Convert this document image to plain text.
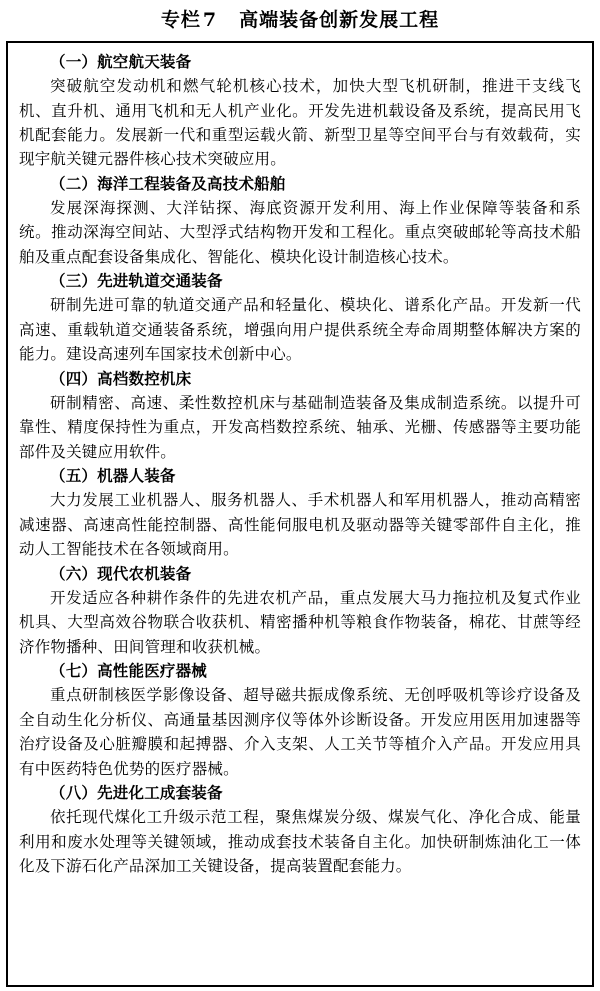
专栏 7 高端装备创新发展工程

（一）航空航天装备

突破航空发动机和燃气轮机核心技术，加快大型飞机研制，推进干支线飞机、直升机、通用飞机和无人机产业化。开发先进机载设备及系统，提高民用飞机配套能力。发展新一代和重型运载火箭、新型卫星等空间平台与有效载荷，实现宇航关键元器件核心技术突破应用。

（二）海洋工程装备及高技术船舶

发展深海探测、大洋钻探、海底资源开发利用、海上作业保障等装备和系统。推动深海空间站、大型浮式结构物开发和工程化。重点突破邮轮等高技术船舶及重点配套设备集成化、智能化、模块化设计制造核心技术。

（三）先进轨道交通装备

研制先进可靠的轨道交通产品和轻量化、模块化、谱系化产品。开发新一代高速、重载轨道交通装备系统，增强向用户提供系统全寿命周期整体解决方案的能力。建设高速列车国家技术创新中心。

（四）高档数控机床

研制精密、高速、柔性数控机床与基础制造装备及集成制造系统。以提升可靠性、精度保持性为重点，开发高档数控系统、轴承、光栅、传感器等主要功能部件及关键应用软件。

（五）机器人装备

大力发展工业机器人、服务机器人、手术机器人和军用机器人，推动高精密减速器、高速高性能控制器、高性能伺服电机及驱动器等关键零部件自主化，推动人工智能技术在各领域商用。

（六）现代农机装备

开发适应各种耕作条件的先进农机产品，重点发展大马力拖拉机及复式作业机具、大型高效谷物联合收获机、精密播种机等粮食作物装备，棉花、甘蔗等经济作物播种、田间管理和收获机械。

（七）高性能医疗器械

重点研制核医学影像设备、超导磁共振成像系统、无创呼吸机等诊疗设备及全自动生化分析仪、高通量基因测序仪等体外诊断设备。开发应用医用加速器等治疗设备及心脏瓣膜和起搏器、介入支架、人工关节等植介入产品。开发应用具有中医药特色优势的医疗器械。

（八）先进化工成套装备

依托现代煤化工升级示范工程，聚焦煤炭分级、煤炭气化、净化合成、能量利用和废水处理等关键领域，推动成套技术装备自主化。加快研制炼油化工一体化及下游石化产品深加工关键设备，提高装置配套能力。
